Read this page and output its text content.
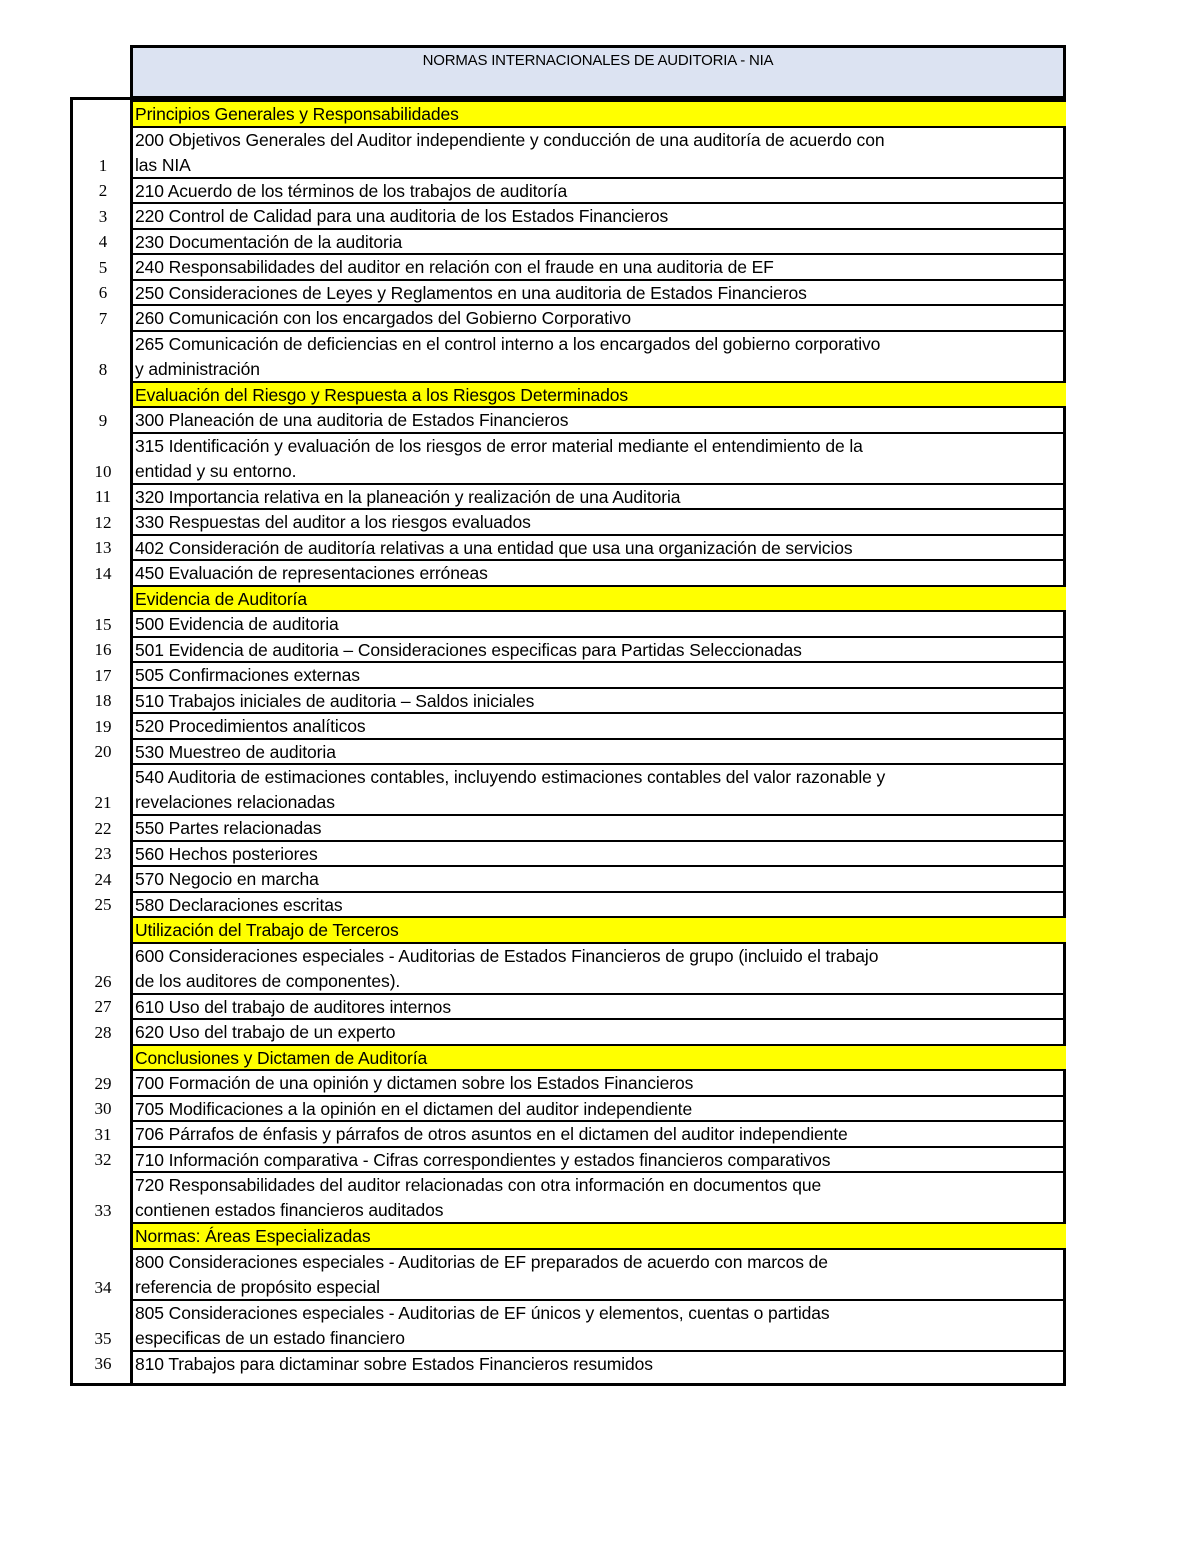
NORMAS INTERNACIONALES DE AUDITORIA - NIA
Principios Generales y Responsabilidades
200 Objetivos Generales del Auditor independiente y conducción de una auditoría de acuerdo con
las NIA
1
210 Acuerdo de los términos de los trabajos de auditoría
2
220 Control de Calidad para una auditoria de los Estados Financieros
3
230 Documentación de la auditoria
4
240 Responsabilidades del auditor en relación con el fraude en una auditoria de EF
5
250 Consideraciones de Leyes y Reglamentos en una auditoria de Estados Financieros
6
260 Comunicación con los encargados del Gobierno Corporativo
7
265 Comunicación de deficiencias en el control interno a los encargados del gobierno corporativo
y administración
8
Evaluación del Riesgo y Respuesta a los Riesgos Determinados
300 Planeación de una auditoria de Estados Financieros
9
315 Identificación y evaluación de los riesgos de error material mediante el entendimiento de la
entidad y su entorno.
10
320 Importancia relativa en la planeación y realización de una Auditoria
11
330 Respuestas del auditor a los riesgos evaluados
12
402 Consideración de auditoría relativas a una entidad que usa una organización de servicios
13
450 Evaluación de representaciones erróneas
14
Evidencia de Auditoría
500 Evidencia de auditoria
15
501 Evidencia de auditoria – Consideraciones especificas para Partidas Seleccionadas
16
505 Confirmaciones externas
17
510 Trabajos iniciales de auditoria – Saldos iniciales
18
520 Procedimientos analíticos
19
530 Muestreo de auditoria
20
540 Auditoria de estimaciones contables, incluyendo estimaciones contables del valor razonable y
revelaciones relacionadas
21
550 Partes relacionadas
22
560 Hechos posteriores
23
570 Negocio en marcha
24
580 Declaraciones escritas
25
Utilización del Trabajo de Terceros
600 Consideraciones especiales - Auditorias de Estados Financieros de grupo (incluido el trabajo
de los auditores de componentes).
26
610 Uso del trabajo de auditores internos
27
620 Uso del trabajo de un experto
28
Conclusiones y Dictamen de Auditoría
700 Formación de una opinión y dictamen sobre los Estados Financieros
29
705 Modificaciones a la opinión en el dictamen del auditor independiente
30
706 Párrafos de énfasis y párrafos de otros asuntos en el dictamen del auditor independiente
31
710 Información comparativa - Cifras correspondientes y estados financieros comparativos
32
720 Responsabilidades del auditor relacionadas con otra información en documentos que
contienen estados financieros auditados
33
Normas: Áreas Especializadas
800 Consideraciones especiales - Auditorias de EF preparados de acuerdo con marcos de
referencia de propósito especial
34
805 Consideraciones especiales - Auditorias de EF únicos y elementos, cuentas o partidas
especificas de un estado financiero
35
810 Trabajos para dictaminar sobre Estados Financieros resumidos
36
